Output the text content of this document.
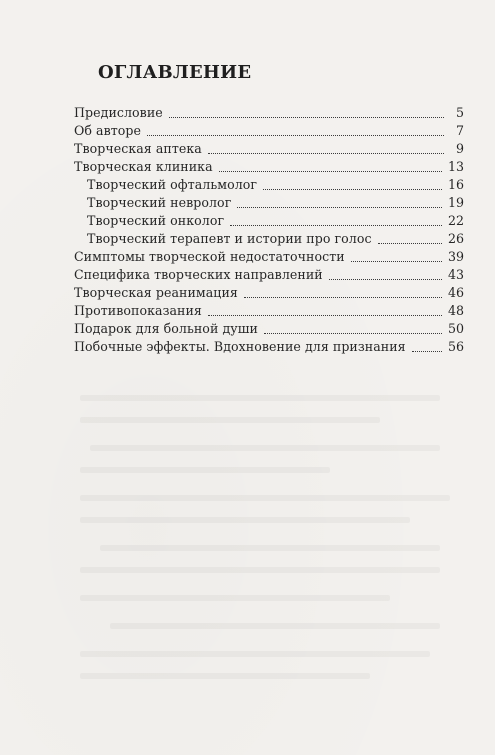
ОГЛАВЛЕНИЕ
Предисловие	5
Об авторе	7
Творческая аптека	9
Творческая клиника	13
Творческий офтальмолог	16
Творческий невролог	19
Творческий онколог	22
Творческий терапевт и истории про голос	26
Симптомы творческой недостаточности	39
Специфика творческих направлений	43
Творческая реанимация	46
Противопоказания	48
Подарок для больной души	50
Побочные эффекты. Вдохновение для признания	56
